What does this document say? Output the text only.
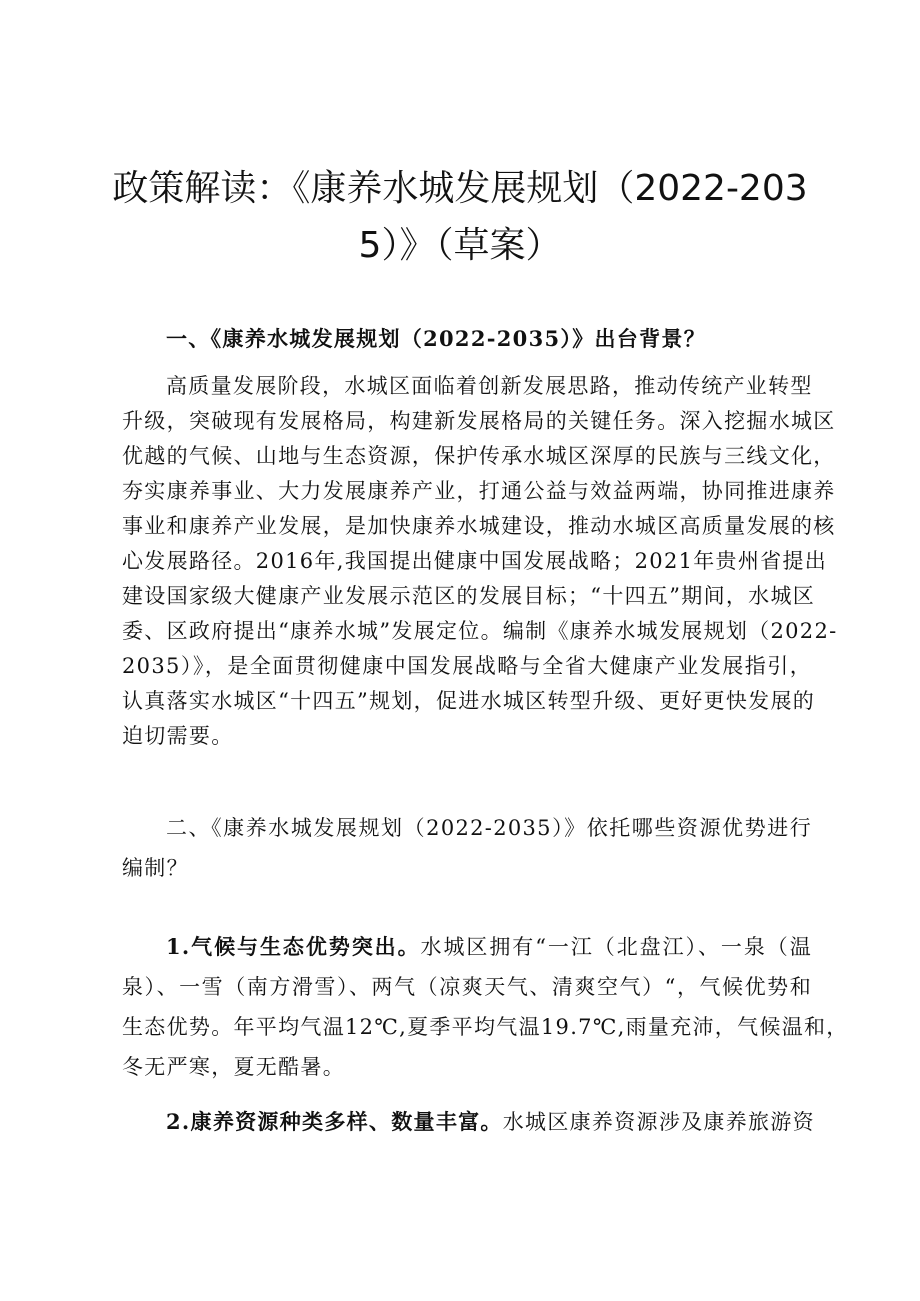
政策解读：《康养水城发展规划（2022-203
5）》（草案）
一、《康养水城发展规划（2022-2035）》出台背景？
高质量发展阶段，水城区面临着创新发展思路，推动传统产业转型
升级，突破现有发展格局，构建新发展格局的关键任务。深入挖掘水城区
优越的气候、山地与生态资源，保护传承水城区深厚的民族与三线文化，
夯实康养事业、大力发展康养产业，打通公益与效益两端，协同推进康养
事业和康养产业发展，是加快康养水城建设，推动水城区高质量发展的核
心发展路径。2016年,我国提出健康中国发展战略；2021年贵州省提出
建设国家级大健康产业发展示范区的发展目标；“十四五”期间，水城区
委、区政府提出“康养水城”发展定位。编制《康养水城发展规划（2022-
2035）》，是全面贯彻健康中国发展战略与全省大健康产业发展指引，
认真落实水城区“十四五”规划，促进水城区转型升级、更好更快发展的
迫切需要。
二、《康养水城发展规划（2022-2035）》依托哪些资源优势进行
编制？
1.气候与生态优势突出。水城区拥有“一江（北盘江）、一泉（温
泉）、一雪（南方滑雪）、两气（凉爽天气、清爽空气）“，气候优势和
生态优势。年平均气温12℃,夏季平均气温19.7℃,雨量充沛，气候温和，
冬无严寒，夏无酷暑。
2.康养资源种类多样、数量丰富。水城区康养资源涉及康养旅游资
